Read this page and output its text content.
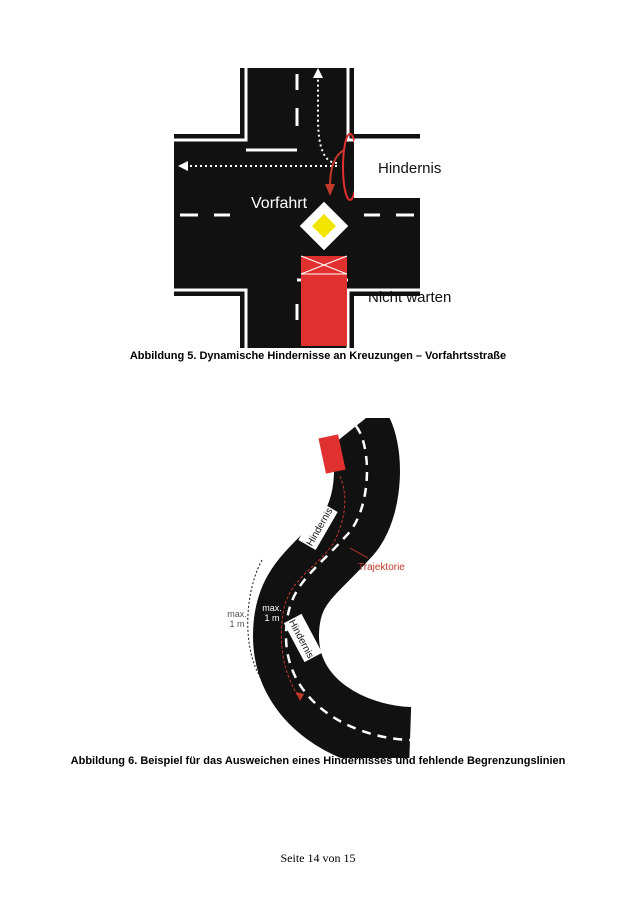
Hindernis
Vorfahrt
Nicht warten
Abbildung 5. Dynamische Hindernisse an Kreuzungen – Vorfahrtsstraße
Hindernis
Hindernis
Trajektorie
max.
1 m
max.
1 m
Abbildung 6. Beispiel für das Ausweichen eines Hindernisses und fehlende Begrenzungslinien
Seite 14 von 15
